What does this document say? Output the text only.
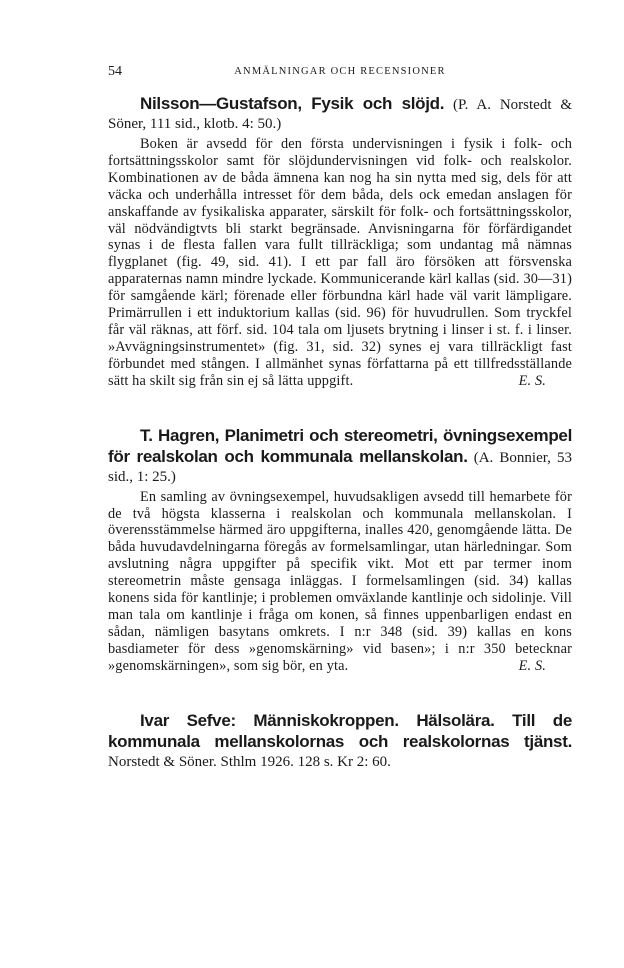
54	ANMÄLNINGAR OCH RECENSIONER

Nilsson—Gustafson, Fysik och slöjd. (P. A. Norstedt & Söner, 111 sid., klotb. 4: 50.)

Boken är avsedd för den första undervisningen i fysik i folk- och fortsättningsskolor samt för slöjdundervisningen vid folk- och realskolor. Kombinationen av de båda ämnena kan nog ha sin nytta med sig, dels för att väcka och underhålla intresset för dem båda, dels ock emedan anslagen för anskaffande av fysikaliska apparater, särskilt för folk- och fortsättningsskolor, väl nödvändigtvts bli starkt begränsade. Anvisningarna för förfärdigandet synas i de flesta fallen vara fullt tillräckliga; som undantag må nämnas flygplanet (fig. 49, sid. 41). I ett par fall äro försöken att försvenska apparaternas namn mindre lyckade. Kommunicerande kärl kallas (sid. 30—31) för samgående kärl; förenade eller förbundna kärl hade väl varit lämpligare. Primärrullen i ett induktorium kallas (sid. 96) för huvudrullen. Som tryckfel får väl räknas, att förf. sid. 104 tala om ljusets brytning i linser i st. f. i linser. »Avvägningsinstrumentet» (fig. 31, sid. 32) synes ej vara tillräckligt fast förbundet med stången. I allmänhet synas författarna på ett tillfredsställande sätt ha skilt sig från sin ej så lätta uppgift.	E. S.

T. Hagren, Planimetri och stereometri, övningsexempel för realskolan och kommunala mellanskolan. (A. Bonnier, 53 sid., 1: 25.)

En samling av övningsexempel, huvudsakligen avsedd till hemarbete för de två högsta klasserna i realskolan och kommunala mellanskolan. I överensstämmelse härmed äro uppgifterna, inalles 420, genomgående lätta. De båda huvudavdelningarna föregås av formelsamlingar, utan härledningar. Som avslutning några uppgifter på specifik vikt. Mot ett par termer inom stereometrin måste gensaga inläggas. I formelsamlingen (sid. 34) kallas konens sida för kantlinje; i problemen omväxlande kantlinje och sidolinje. Vill man tala om kantlinje i fråga om konen, så finnes uppenbarligen endast en sådan, nämligen basytans omkrets. I n:r 348 (sid. 39) kallas en kons basdiameter för dess »genomskärning» vid basen»; i n:r 350 betecknar »genomskärningen», som sig bör, en yta.	E. S.

Ivar Sefve: Människokroppen. Hälsolära. Till de kommunala mellanskolornas och realskolornas tjänst. Norstedt & Söner. Sthlm 1926. 128 s. Kr 2: 60.
